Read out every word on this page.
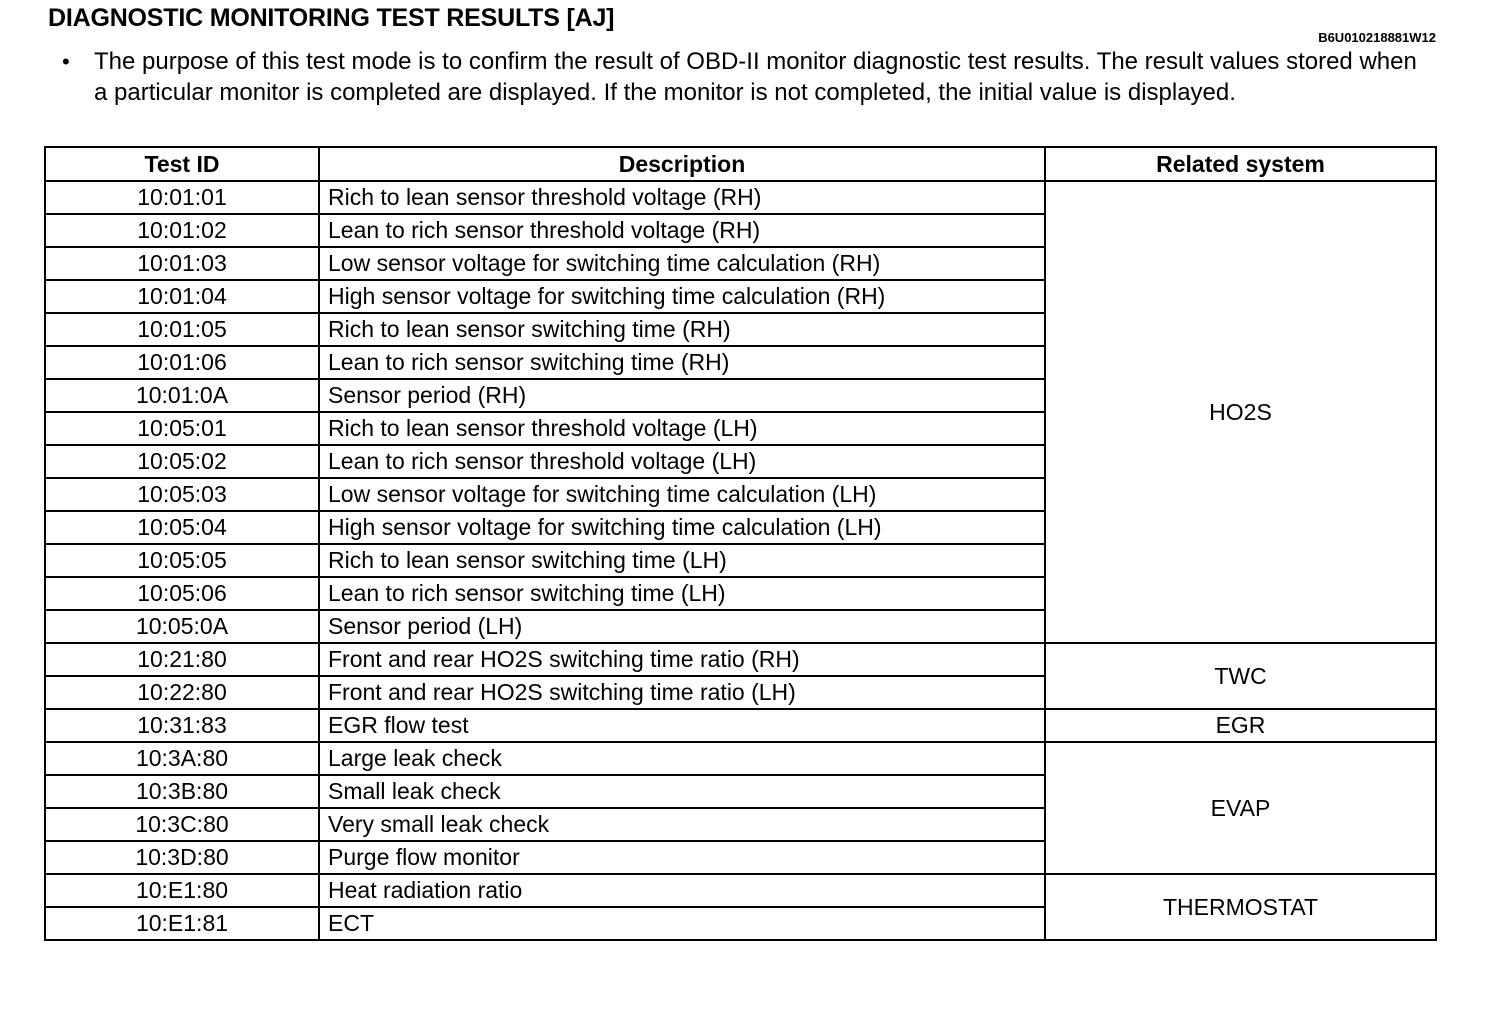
DIAGNOSTIC MONITORING TEST RESULTS [AJ]
B6U010218881W12
•	The purpose of this test mode is to confirm the result of OBD-II monitor diagnostic test results. The result values stored when a particular monitor is completed are displayed. If the monitor is not completed, the initial value is displayed.

Test ID	Description	Related system
10:01:01	Rich to lean sensor threshold voltage (RH)	HO2S
10:01:02	Lean to rich sensor threshold voltage (RH)	
10:01:03	Low sensor voltage for switching time calculation (RH)	
10:01:04	High sensor voltage for switching time calculation (RH)	
10:01:05	Rich to lean sensor switching time (RH)	
10:01:06	Lean to rich sensor switching time (RH)	
10:01:0A	Sensor period (RH)	
10:05:01	Rich to lean sensor threshold voltage (LH)	
10:05:02	Lean to rich sensor threshold voltage (LH)	
10:05:03	Low sensor voltage for switching time calculation (LH)	
10:05:04	High sensor voltage for switching time calculation (LH)	
10:05:05	Rich to lean sensor switching time (LH)	
10:05:06	Lean to rich sensor switching time (LH)	
10:05:0A	Sensor period (LH)	
10:21:80	Front and rear HO2S switching time ratio (RH)	TWC
10:22:80	Front and rear HO2S switching time ratio (LH)	
10:31:83	EGR flow test	EGR
10:3A:80	Large leak check	EVAP
10:3B:80	Small leak check	
10:3C:80	Very small leak check	
10:3D:80	Purge flow monitor	
10:E1:80	Heat radiation ratio	THERMOSTAT
10:E1:81	ECT	
